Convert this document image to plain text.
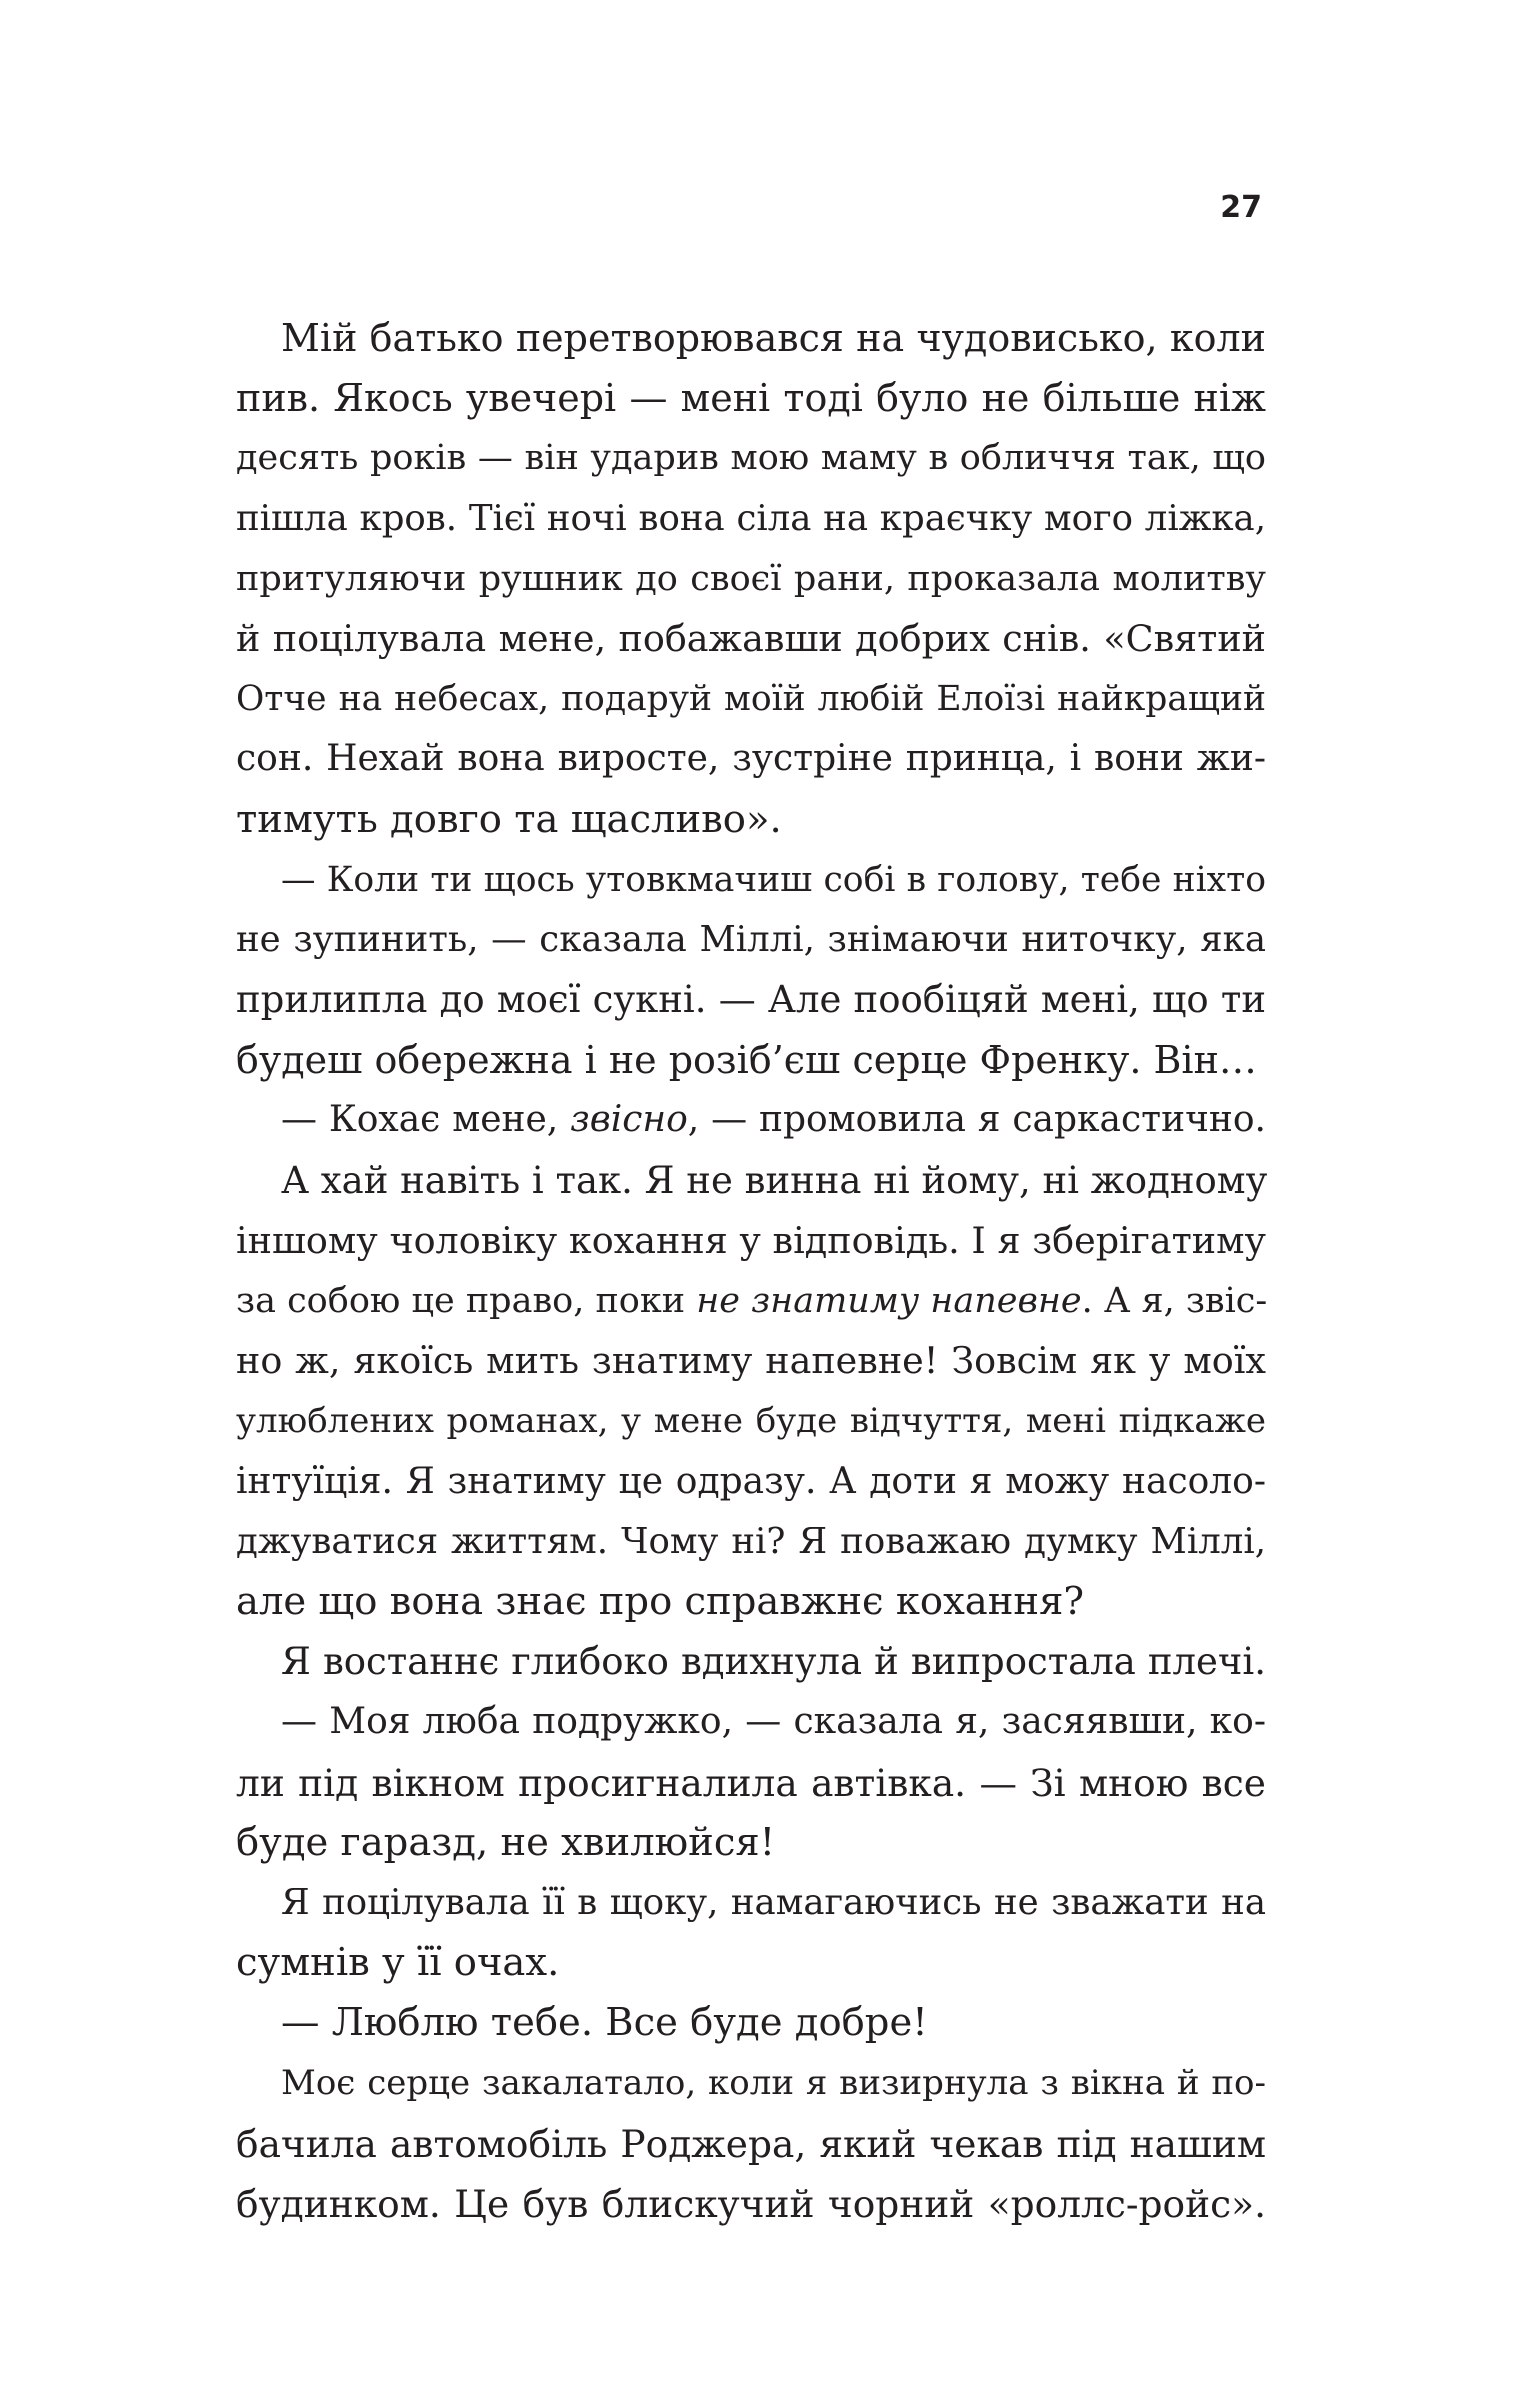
27
Мій батько перетворювався на чудовисько, коли
пив. Якось увечері — мені тоді було не більше ніж
десять років — він ударив мою маму в обличчя так, що
пішла кров. Тієї ночі вона сіла на краєчку мого ліжка,
притуляючи рушник до своєї рани, проказала молитву
й поцілувала мене, побажавши добрих снів. «Святий
Отче на небесах, подаруй моїй любій Елоїзі найкращий
сон. Нехай вона виросте, зустріне принца, і вони жи-
тимуть довго та щасливо».
— Коли ти щось утовкмачиш собі в голову, тебе ніхто
не зупинить, — сказала Міллі, знімаючи ниточку, яка
прилипла до моєї сукні. — Але пообіцяй мені, що ти
будеш обережна і не розіб’єш серце Френку. Він…
— Кохає мене, звісно, — промовила я саркастично.
А хай навіть і так. Я не винна ні йому, ні жодному
іншому чоловіку кохання у відповідь. І я зберігатиму
за собою це право, поки не знатиму напевне. А я, звіс-
но ж, якоїсь мить знатиму напевне! Зовсім як у моїх
улюблених романах, у мене буде відчуття, мені підкаже
інтуїція. Я знатиму це одразу. А доти я можу насоло-
джуватися життям. Чому ні? Я поважаю думку Міллі,
але що вона знає про справжнє кохання?
Я востаннє глибоко вдихнула й випростала плечі.
— Моя люба подружко, — сказала я, засяявши, ко-
ли під вікном просигналила автівка. — Зі мною все
буде гаразд, не хвилюйся!
Я поцілувала її в щоку, намагаючись не зважати на
сумнів у її очах.
— Люблю тебе. Все буде добре!
Моє серце закалатало, коли я визирнула з вікна й по-
бачила автомобіль Роджера, який чекав під нашим
будинком. Це був блискучий чорний «роллс-ройс».
